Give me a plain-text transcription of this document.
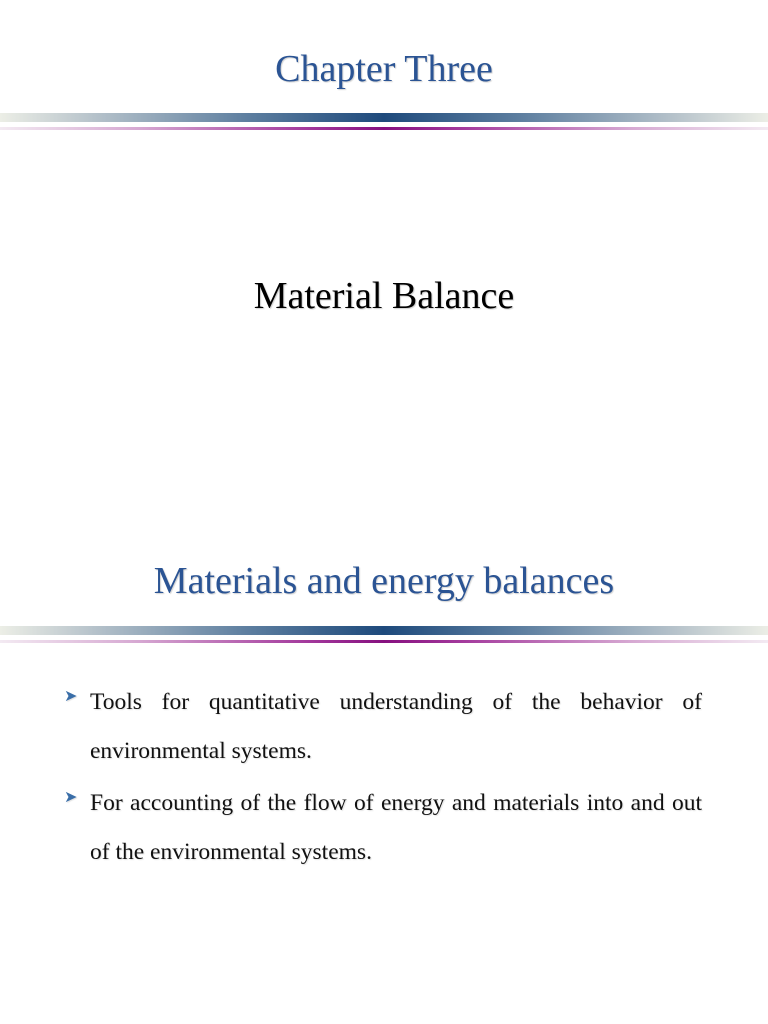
Chapter Three
Material Balance
Materials and energy balances
➤ Tools for quantitative understanding of the behavior of environmental systems.
➤ For accounting of the flow of energy and materials into and out of the environmental systems.
